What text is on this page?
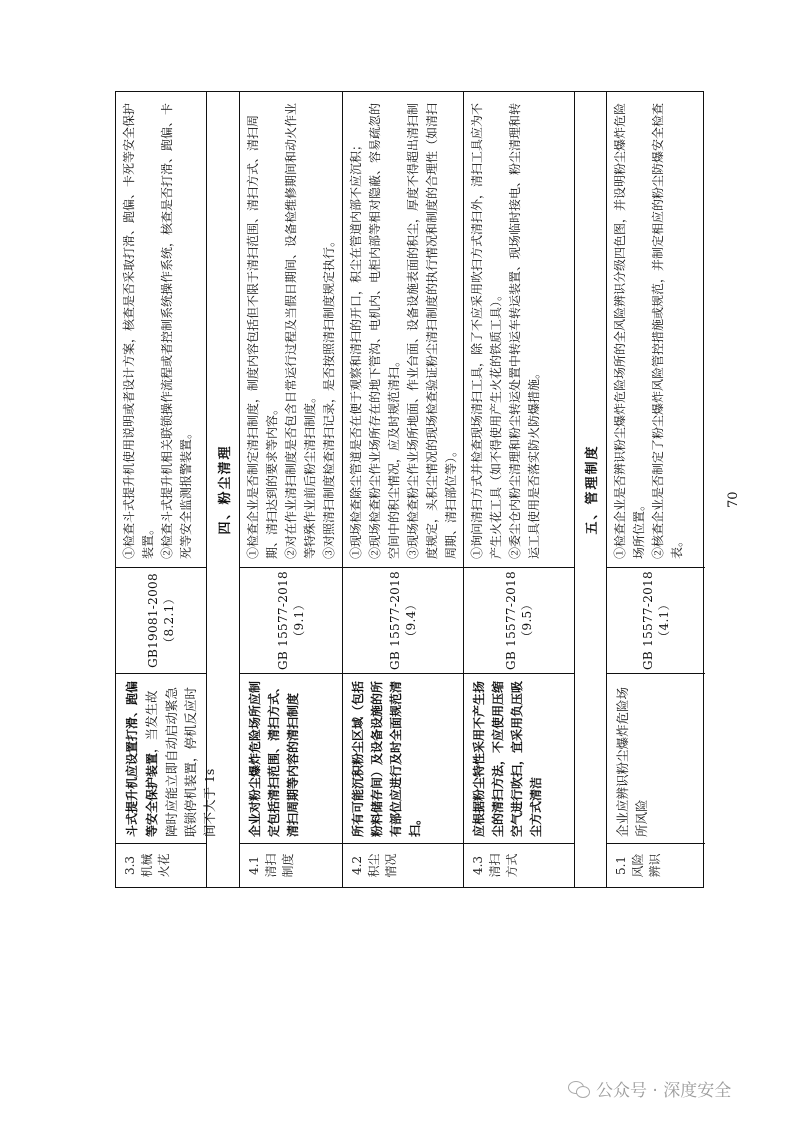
3.3
机械
火花
斗式提升机应设置打滑、跑偏等安全保护装置，当发生故障时应能立即自动启动紧急联锁停机装置，停机反应时间不大于 1s
GB19081-2008（8.2.1）
①检查斗式提升机使用说明或者设计方案，核查是否采取打滑、跑偏、卡死等安全保护装置。 ②检查斗式提升机相关联锁操作流程或者控制系统操作系统，核查是否打滑、跑偏、卡死等安全监测报警装置。	四、粉尘清理
4.1
清扫
制度
企业对粉尘爆炸危险场所应制定包括清扫范围、清扫方式、清扫周期等内容的清扫制度
GB 15577-2018（9.1）
①检查企业是否制定清扫制度，制度内容包括但不限于清扫范围、清扫方式、清扫周期、清扫达到的要求等内容。 ②对在作业清扫制度是否包含日常运行过程及当假日期间、设备检维修期间和动火作业等特殊作业前后粉尘清扫制度。 ③对照清扫制度检查清扫记录，是否按照清扫制度规定执行。
4.2
积尘
情况
所有可能沉积粉尘区域（包括粉料储存间）及设备设施的所有部位应进行及时全面规范清扫。
GB 15577-2018（9.4）
①现场检查除尘管道是否在便于观察和清扫的开口，积尘在管道内部不应沉积； ②现场检查粉尘作业场所存在的地下管沟、电机内、电柜内部等相对隐蔽、容易疏忽的空间中的积尘情况，应及时规范清扫。 ③现场检查粉尘作业场所地面、作业台面、设备设施表面的积尘，厚度不得超出清扫制度规定，头积尘情况的现场检查验证粉尘清扫制度的执行情况和制度的合理性（如清扫周期、清扫部位等）。
4.3
清扫
方式
应根据粉尘特性采用不产生扬尘的清扫方法，不应使用压缩空气进行吹扫，宜采用负压吸尘方式清洁
GB 15577-2018（9.5）
①询问清扫方式并检查现场清扫工具，除了不应采用吹扫方式清扫外，清扫工具应为不产生火花工具（如不得使用产生火花的铁质工具）。 ②委尘仓内粉尘清理和粉尘转运处置中转运车转运装置、现场临时接电、粉尘清理和转运工具使用是否落实防火防爆措施。	五、管理制度
5.1
风险
辨识
企业应辨识粉尘爆炸危险场所风险
GB 15577-2018（4.1）
①检查企业是否辨识粉尘爆炸危险场所的全风险辨识分级四色图，并设明粉尘爆炸危险场所位置。 ②核查企业是否制定了粉尘爆炸风险管控措施或规范，并制定相应的粉尘防爆安全检查表。
70
公众号 · 深度安全
